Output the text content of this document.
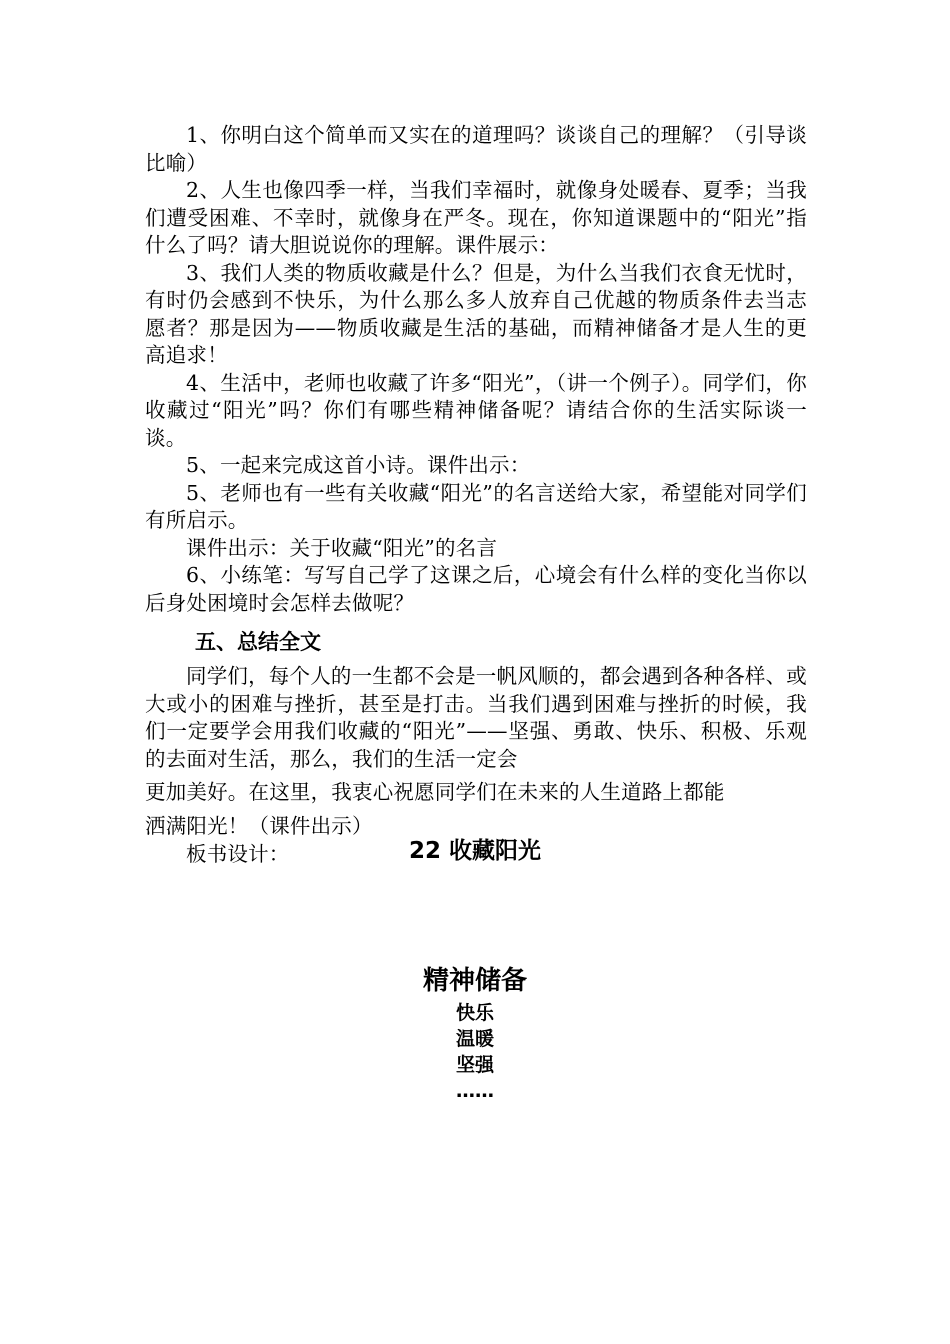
1、你明白这个简单而又实在的道理吗？谈谈自己的理解？（引导谈比喻）

2、人生也像四季一样，当我们幸福时，就像身处暖春、夏季；当我们遭受困难、不幸时，就像身在严冬。现在，你知道课题中的“阳光”指什么了吗？请大胆说说你的理解。课件展示：

3、我们人类的物质收藏是什么？但是，为什么当我们衣食无忧时，有时仍会感到不快乐，为什么那么多人放弃自己优越的物质条件去当志愿者？那是因为——物质收藏是生活的基础，而精神储备才是人生的更高追求！

4、生活中，老师也收藏了许多“阳光”，（讲一个例子）。同学们，你收藏过“阳光”吗？你们有哪些精神储备呢？请结合你的生活实际谈一谈。

5、一起来完成这首小诗。课件出示：

5、老师也有一些有关收藏“阳光”的名言送给大家，希望能对同学们有所启示。

课件出示：关于收藏“阳光”的名言

6、小练笔：写写自己学了这课之后，心境会有什么样的变化当你以后身处困境时会怎样去做呢？

五、总结全文

同学们，每个人的一生都不会是一帆风顺的，都会遇到各种各样、或大或小的困难与挫折，甚至是打击。当我们遇到困难与挫折的时候，我们一定要学会用我们收藏的“阳光”——坚强、勇敢、快乐、积极、乐观的去面对生活，那么，我们的生活一定会

更加美好。在这里，我衷心祝愿同学们在未来的人生道路上都能

洒满阳光！（课件出示）

板书设计：	22 收藏阳光
精神储备
快乐
温暖
坚强
……
